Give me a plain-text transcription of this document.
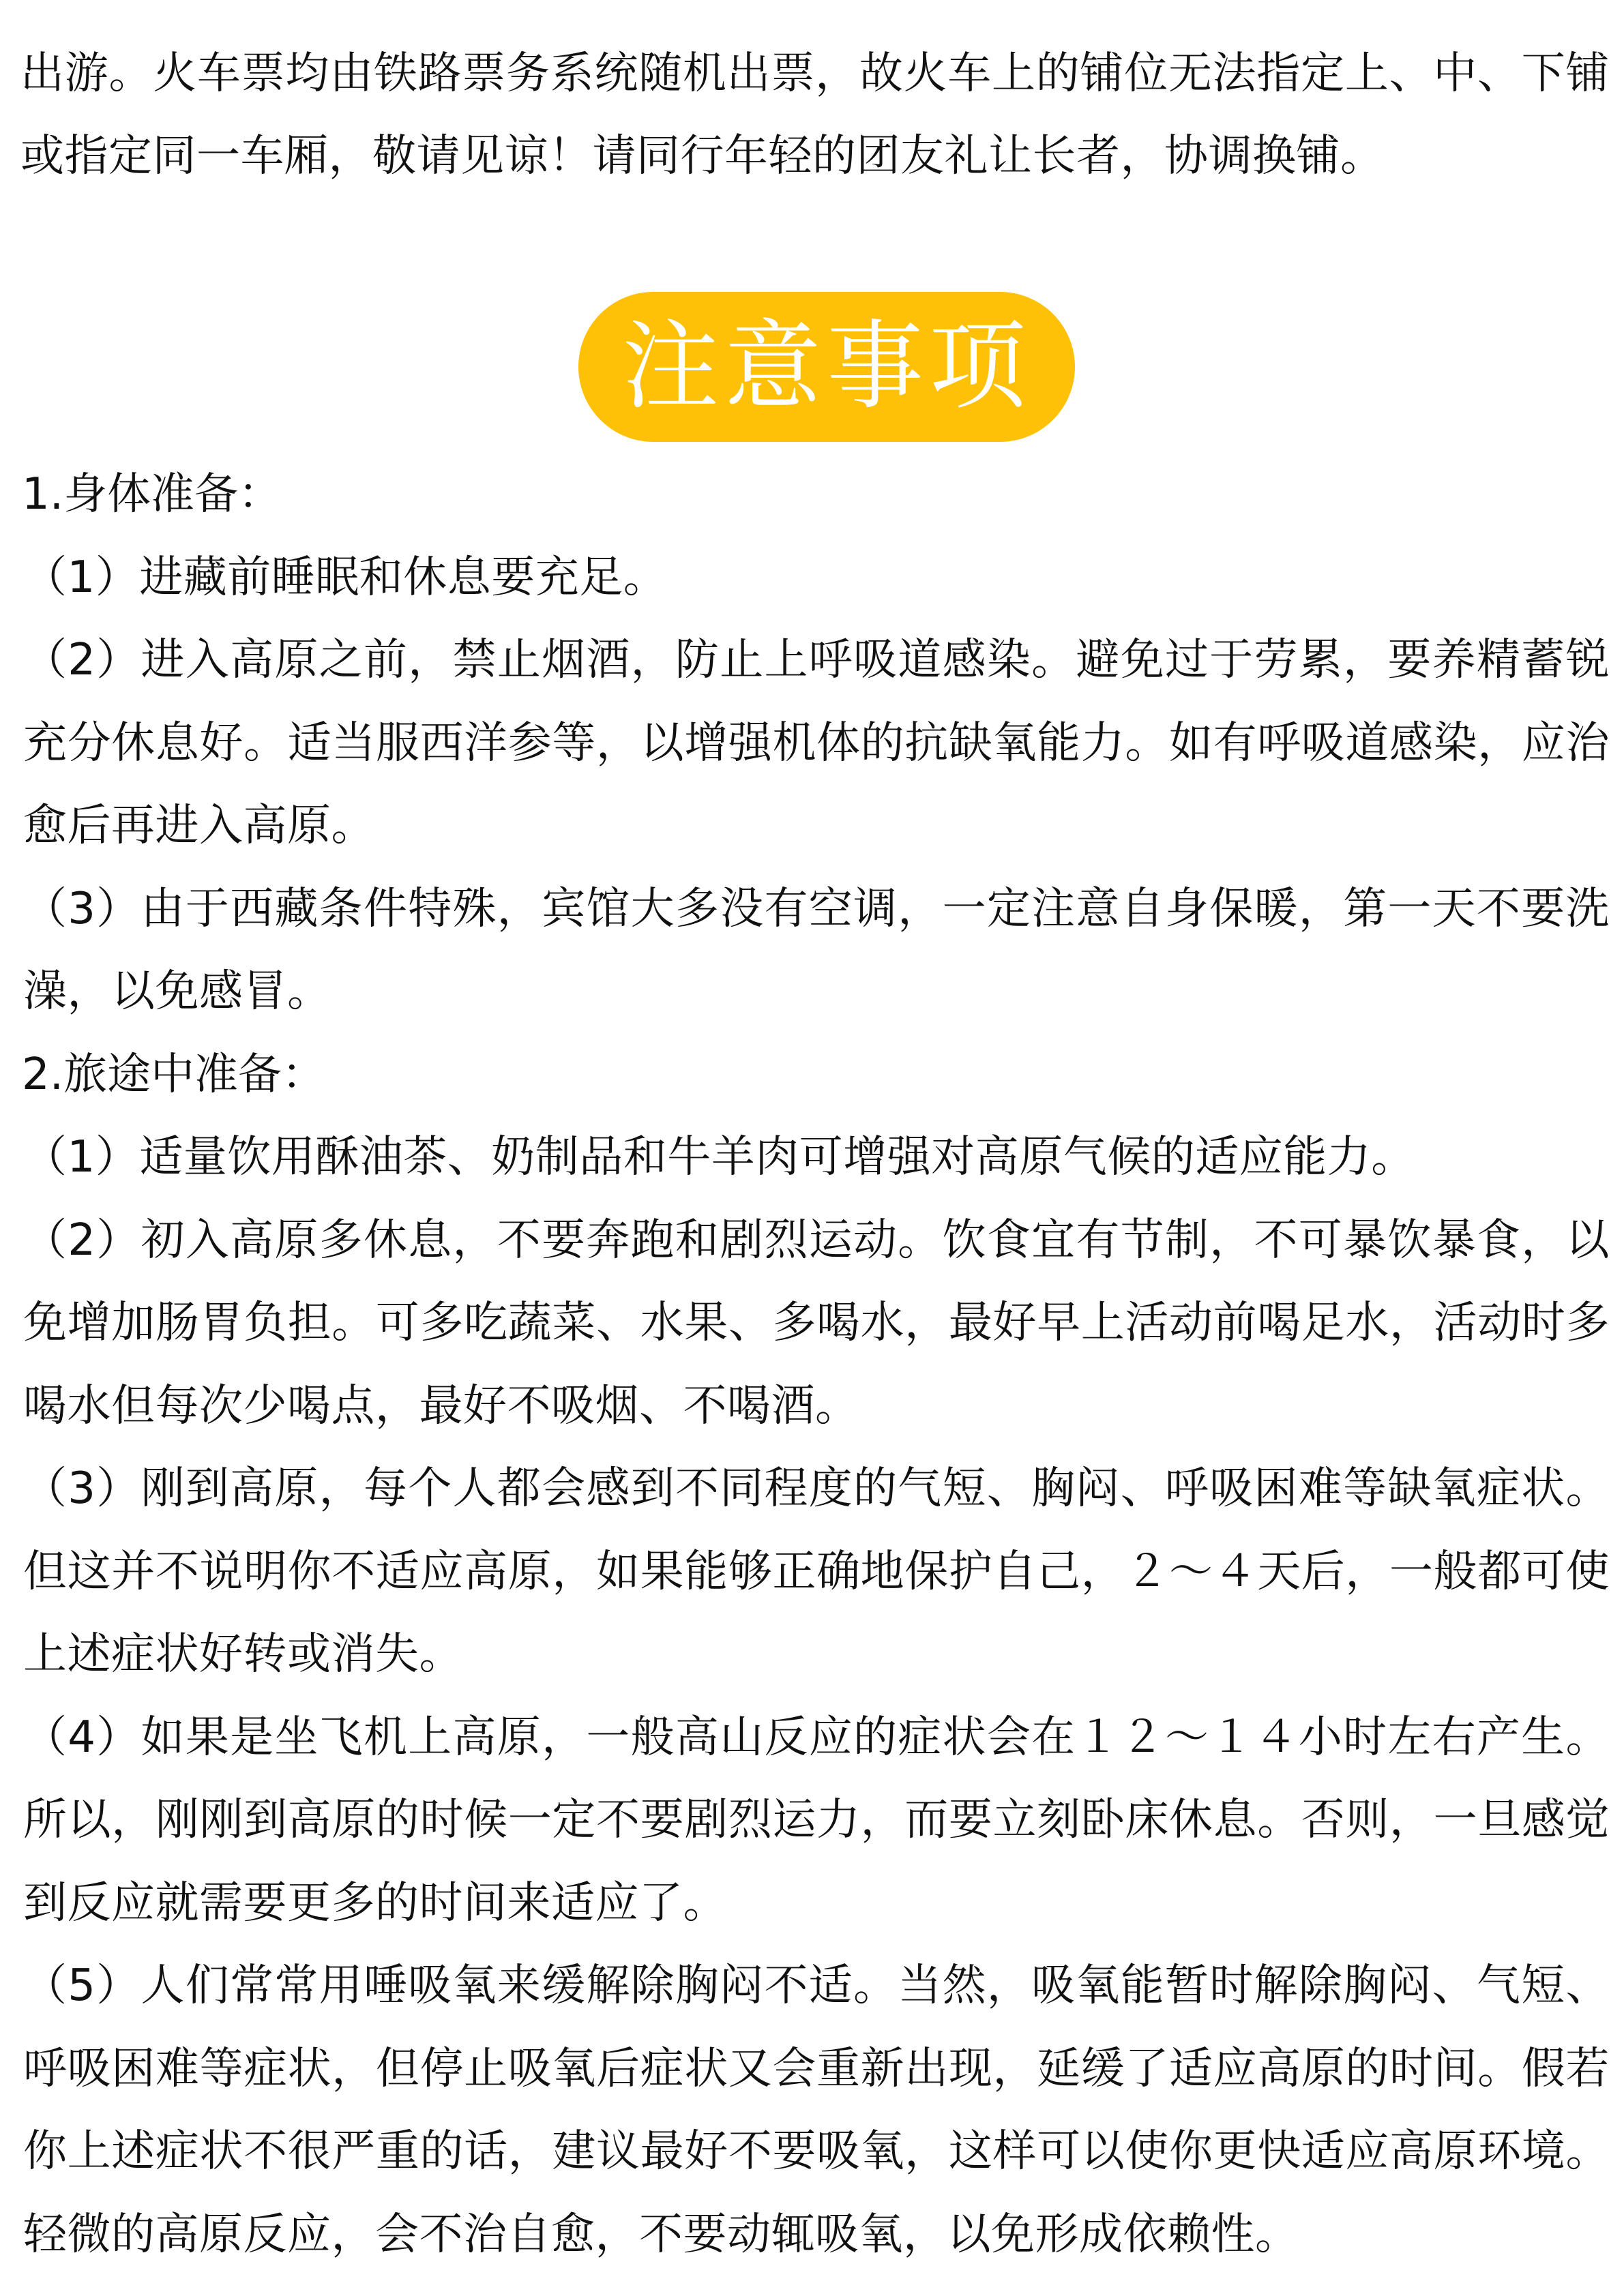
出游。火车票均由铁路票务系统随机出票，故火车上的铺位无法指定上、中、下铺或指定同一车厢，敬请见谅！请同行年轻的团友礼让长者，协调换铺。

注意事项

1.身体准备：

（1）进藏前睡眠和休息要充足。

（2）进入高原之前，禁止烟酒，防止上呼吸道感染。避免过于劳累，要养精蓄锐充分休息好。适当服西洋参等，以增强机体的抗缺氧能力。如有呼吸道感染，应治愈后再进入高原。

（3）由于西藏条件特殊，宾馆大多没有空调，一定注意自身保暖，第一天不要洗澡，以免感冒。

2.旅途中准备：

（1）适量饮用酥油茶、奶制品和牛羊肉可增强对高原气候的适应能力。

（2）初入高原多休息，不要奔跑和剧烈运动。饮食宜有节制，不可暴饮暴食，以免增加肠胃负担。可多吃蔬菜、水果、多喝水，最好早上活动前喝足水，活动时多喝水但每次少喝点，最好不吸烟、不喝酒。

（3）刚到高原，每个人都会感到不同程度的气短、胸闷、呼吸困难等缺氧症状。但这并不说明你不适应高原，如果能够正确地保护自己，２～４天后，一般都可使上述症状好转或消失。

（4）如果是坐飞机上高原，一般高山反应的症状会在１２～１４小时左右产生。所以，刚刚到高原的时候一定不要剧烈运力，而要立刻卧床休息。否则，一旦感觉到反应就需要更多的时间来适应了。

（5）人们常常用唾吸氧来缓解除胸闷不适。当然，吸氧能暂时解除胸闷、气短、呼吸困难等症状，但停止吸氧后症状又会重新出现，延缓了适应高原的时间。假若你上述症状不很严重的话，建议最好不要吸氧，这样可以使你更快适应高原环境。轻微的高原反应，会不治自愈，不要动辄吸氧，以免形成依赖性。
